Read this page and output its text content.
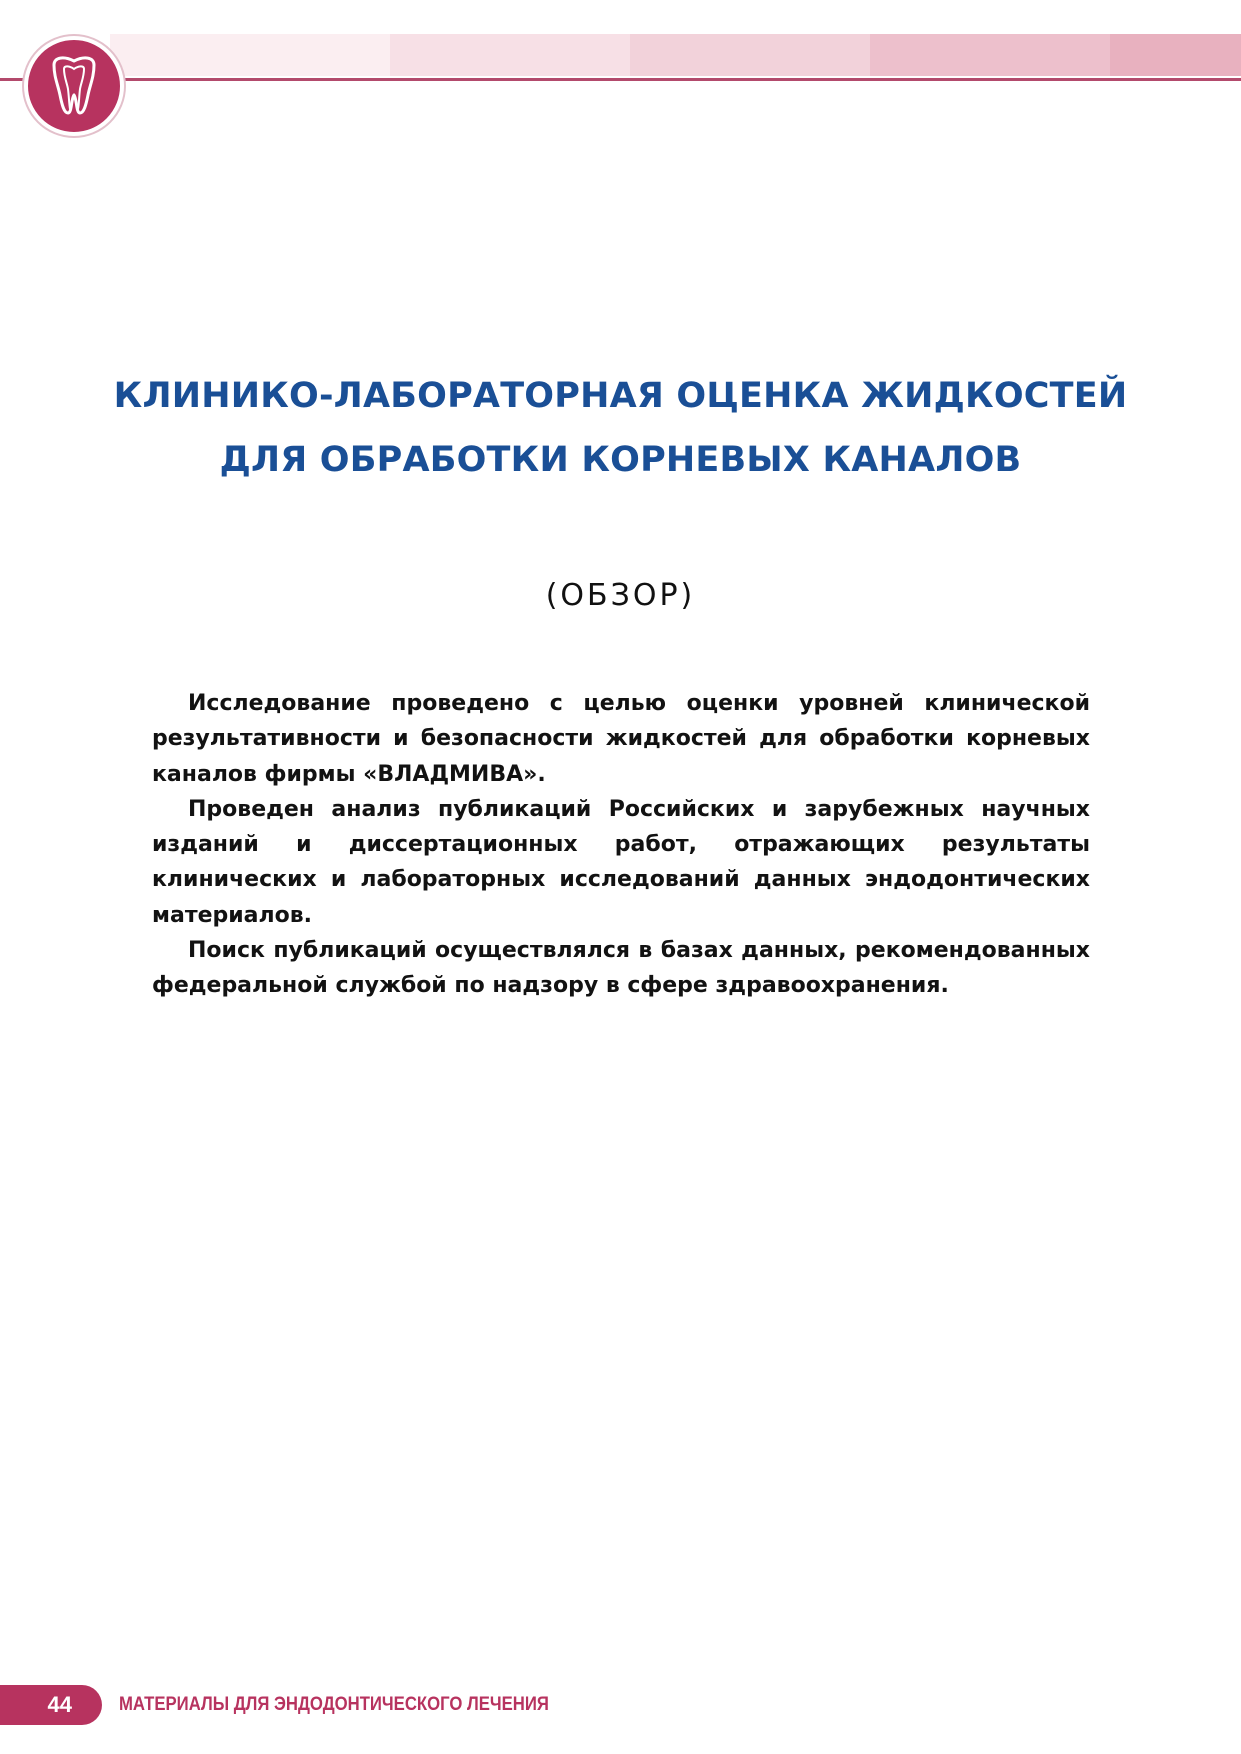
КЛИНИКО-ЛАБОРАТОРНАЯ ОЦЕНКА ЖИДКОСТЕЙ
ДЛЯ ОБРАБОТКИ КОРНЕВЫХ КАНАЛОВ
(ОБЗОР)

Исследование проведено с целью оценки уровней клинической результативности и безопасности жидкостей для обработки корневых каналов фирмы «ВЛАДМИВА».

Проведен анализ публикаций Российских и зарубежных научных изданий и диссертационных работ, отражающих результаты клинических и лабораторных исследований данных эндодонтических материалов.

Поиск публикаций осуществлялся в базах данных, рекомендованных федеральной службой по надзору в сфере здравоохранения.

44	МАТЕРИАЛЫ ДЛЯ ЭНДОДОНТИЧЕСКОГО ЛЕЧЕНИЯ
